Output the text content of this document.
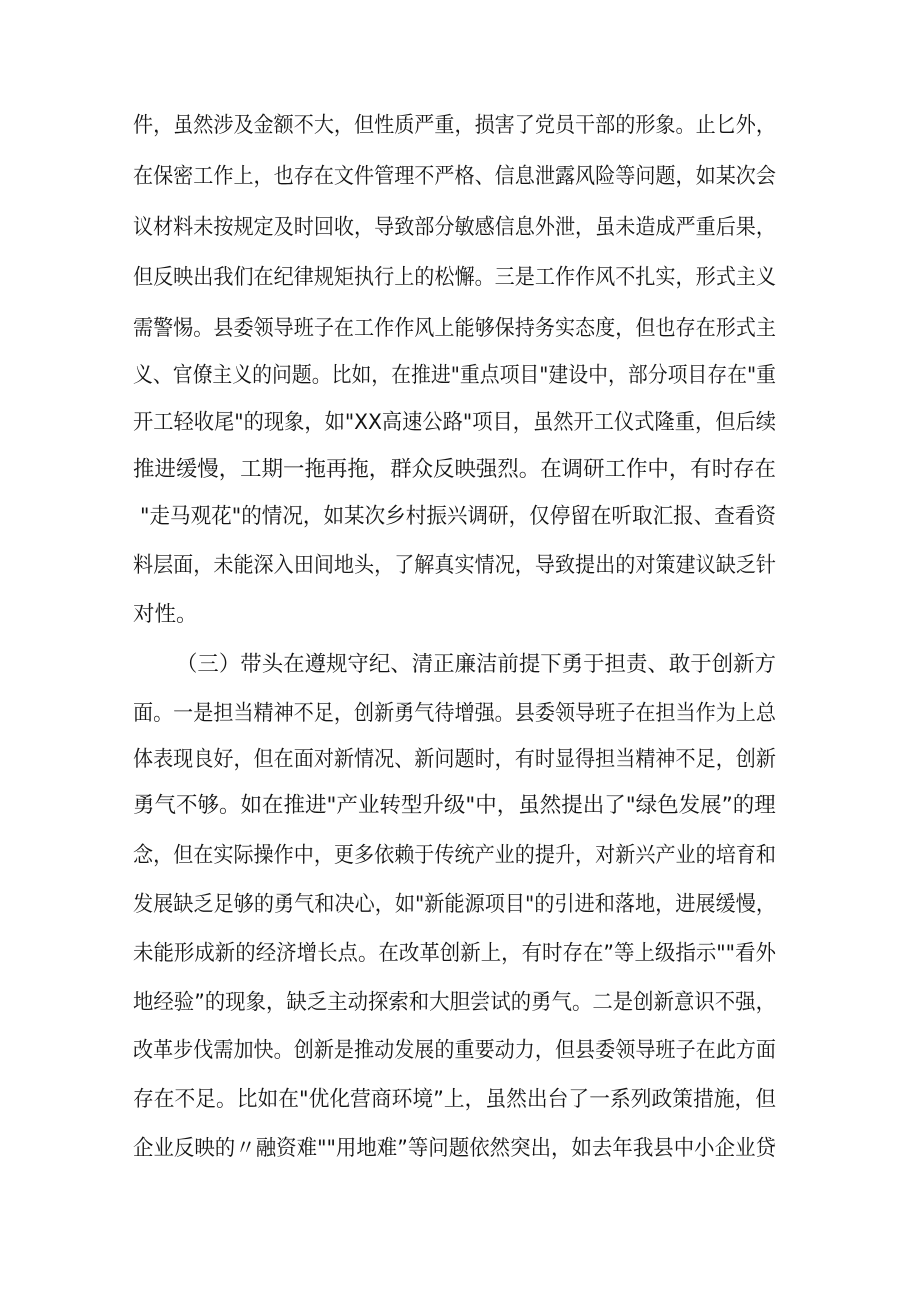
件，虽然涉及金额不大，但性质严重，损害了党员干部的形象。止匕外，
在保密工作上，也存在文件管理不严格、信息泄露风险等问题，如某次会
议材料未按规定及时回收，导致部分敏感信息外泄，虽未造成严重后果，
但反映出我们在纪律规矩执行上的松懈。三是工作作风不扎实，形式主义
需警惕。县委领导班子在工作作风上能够保持务实态度，但也存在形式主
义、官僚主义的问题。比如，在推进"重点项目"建设中，部分项目存在"重
开工轻收尾"的现象，如"XX高速公路"项目，虽然开工仪式隆重，但后续
推进缓慢，工期一拖再拖，群众反映强烈。在调研工作中，有时存在
"走马观花"的情况，如某次乡村振兴调研，仅停留在听取汇报、查看资
料层面，未能深入田间地头，了解真实情况，导致提出的对策建议缺乏针
对性。
（三）带头在遵规守纪、清正廉洁前提下勇于担责、敢于创新方
面。一是担当精神不足，创新勇气待增强。县委领导班子在担当作为上总
体表现良好，但在面对新情况、新问题时，有时显得担当精神不足，创新
勇气不够。如在推进"产业转型升级"中，虽然提出了"绿色发展”的理
念，但在实际操作中，更多依赖于传统产业的提升，对新兴产业的培育和
发展缺乏足够的勇气和决心，如"新能源项目"的引进和落地，进展缓慢，
未能形成新的经济增长点。在改革创新上，有时存在”等上级指示""看外
地经验”的现象，缺乏主动探索和大胆尝试的勇气。二是创新意识不强，
改革步伐需加快。创新是推动发展的重要动力，但县委领导班子在此方面
存在不足。比如在"优化营商环境”上，虽然出台了一系列政策措施，但
企业反映的〃融资难""用地难”等问题依然突出，如去年我县中小企业贷
